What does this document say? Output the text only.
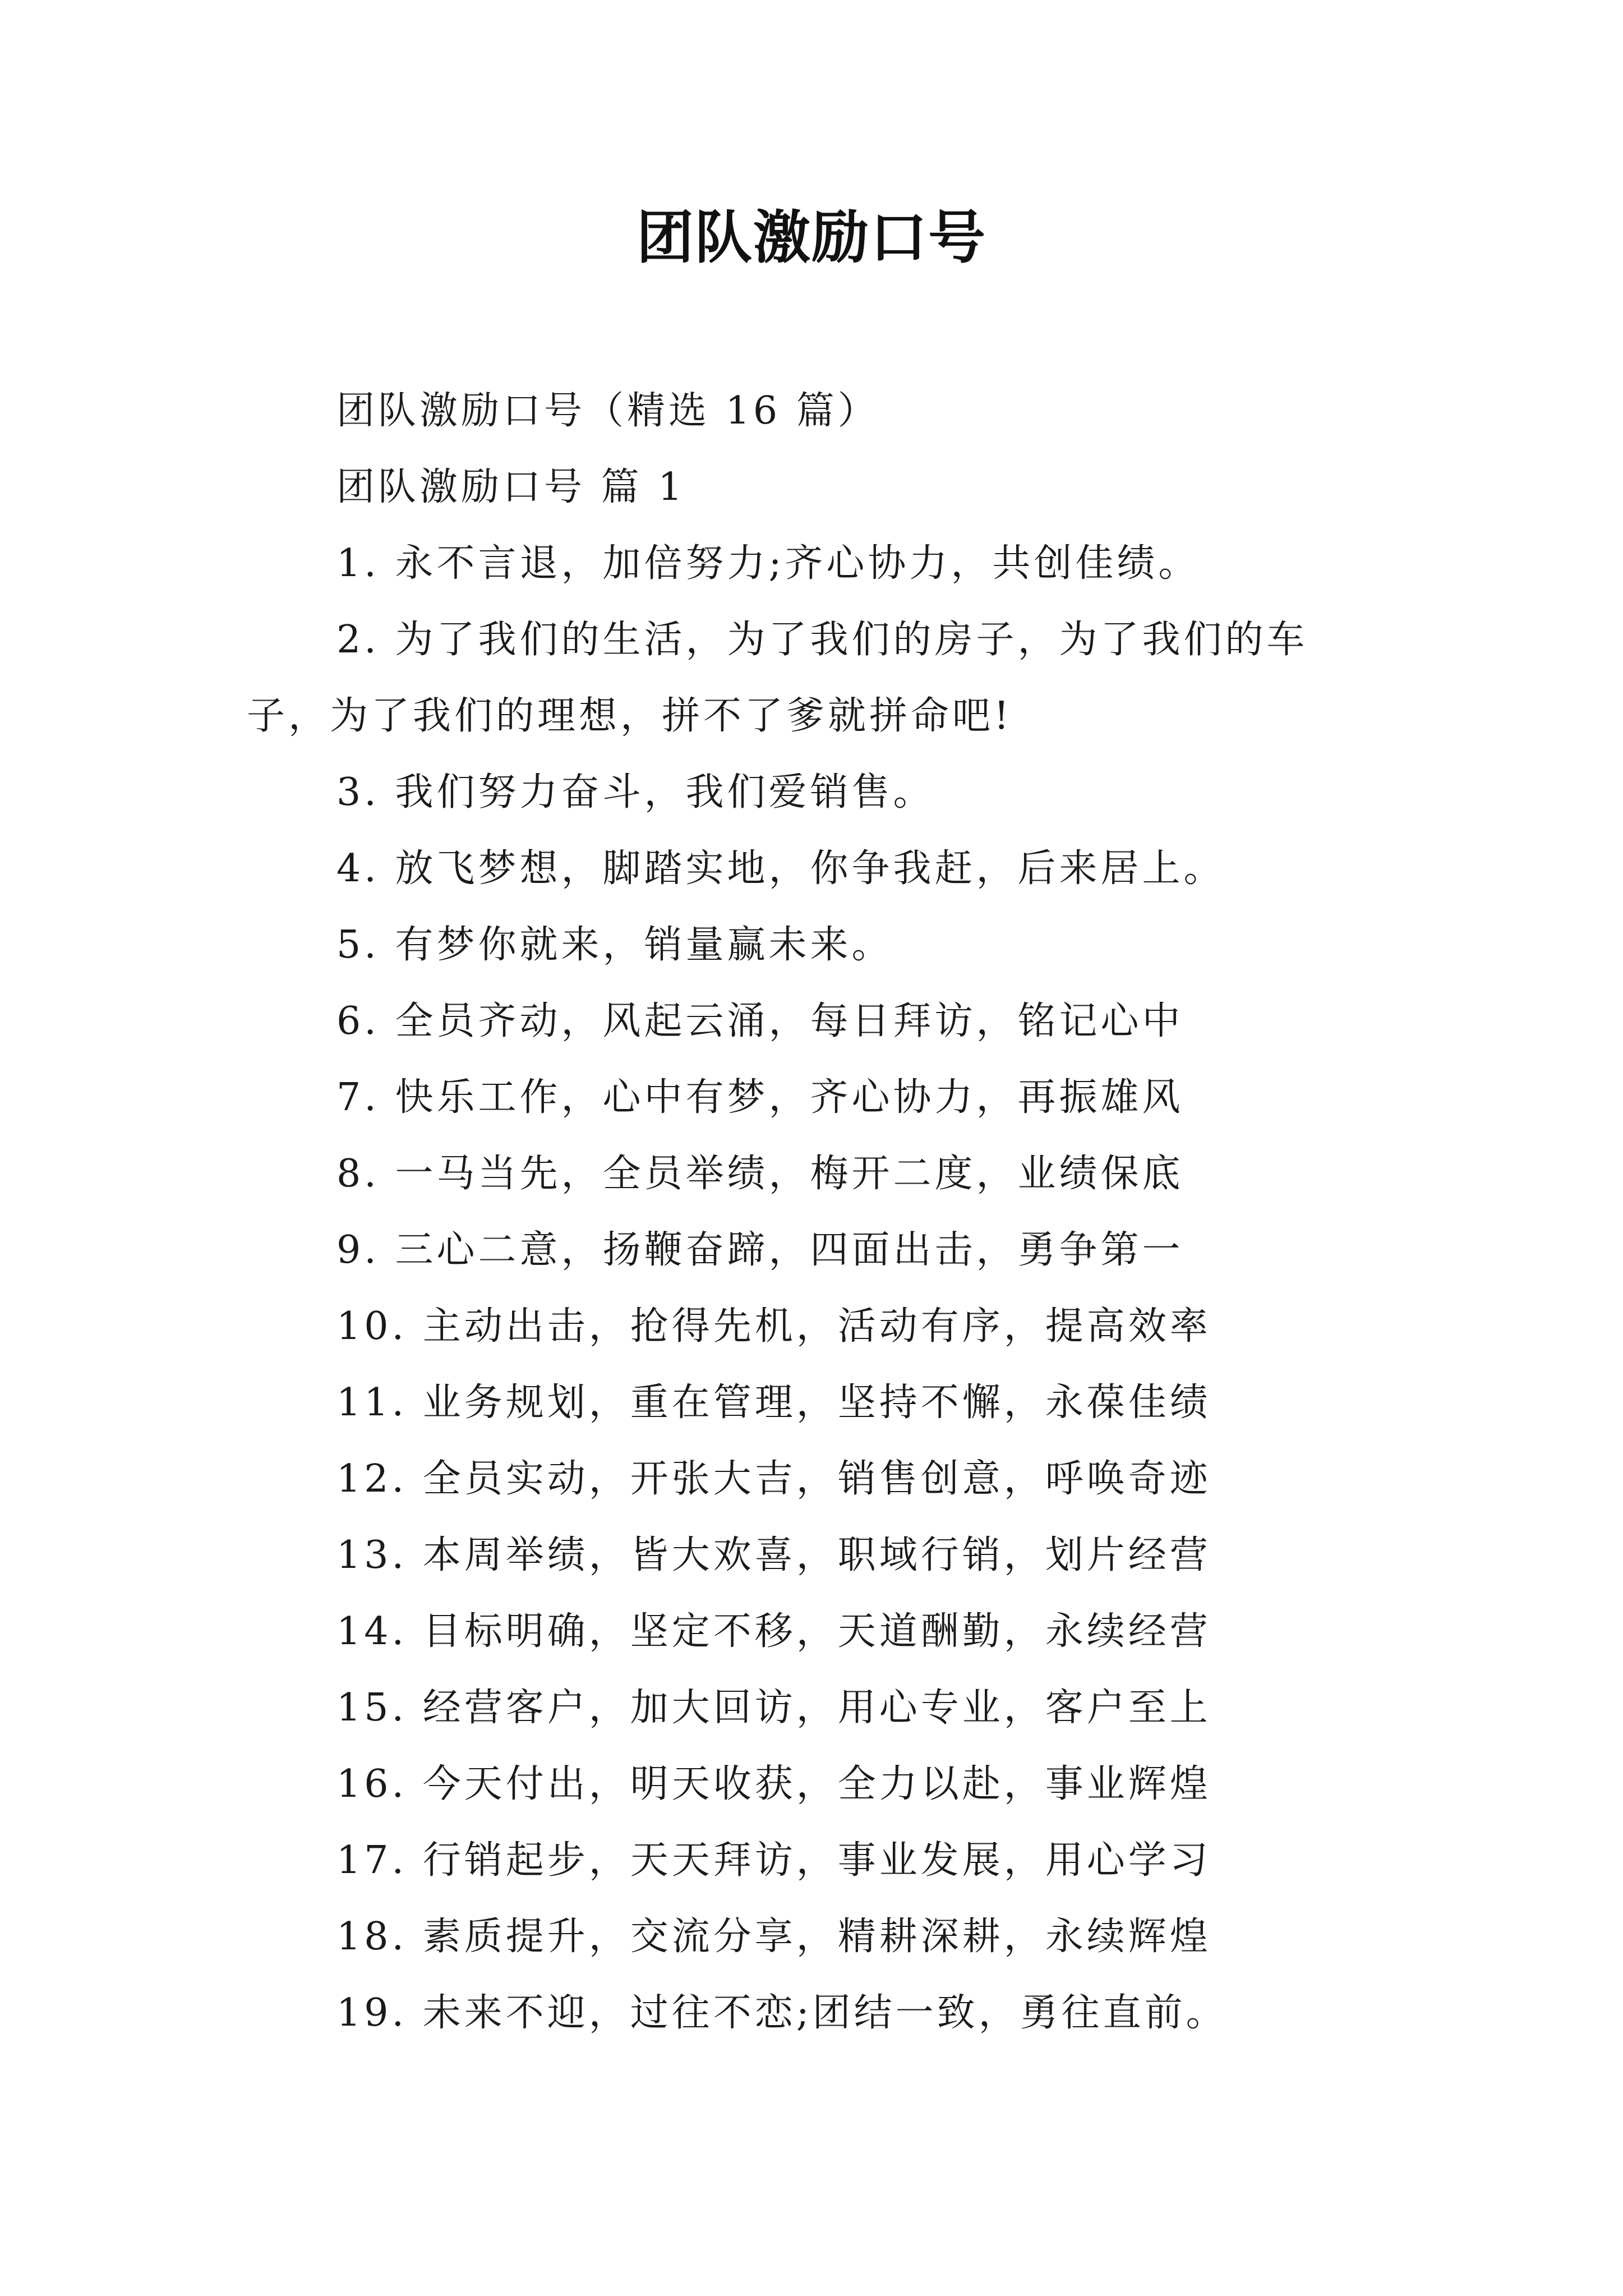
团队激励口号

团队激励口号（精选 16 篇）

团队激励口号 篇 1

1. 永不言退，加倍努力;齐心协力，共创佳绩。

2. 为了我们的生活，为了我们的房子，为了我们的车子，为了我们的理想，拼不了爹就拼命吧!

3. 我们努力奋斗，我们爱销售。

4. 放飞梦想，脚踏实地，你争我赶，后来居上。

5. 有梦你就来，销量赢未来。

6. 全员齐动，风起云涌，每日拜访，铭记心中

7. 快乐工作，心中有梦，齐心协力，再振雄风

8. 一马当先，全员举绩，梅开二度，业绩保底

9. 三心二意，扬鞭奋蹄，四面出击，勇争第一

10. 主动出击，抢得先机，活动有序，提高效率

11. 业务规划，重在管理，坚持不懈，永葆佳绩

12. 全员实动，开张大吉，销售创意，呼唤奇迹

13. 本周举绩，皆大欢喜，职域行销，划片经营

14. 目标明确，坚定不移，天道酬勤，永续经营

15. 经营客户，加大回访，用心专业，客户至上

16. 今天付出，明天收获，全力以赴，事业辉煌

17. 行销起步，天天拜访，事业发展，用心学习

18. 素质提升，交流分享，精耕深耕，永续辉煌

19. 未来不迎，过往不恋;团结一致，勇往直前。
